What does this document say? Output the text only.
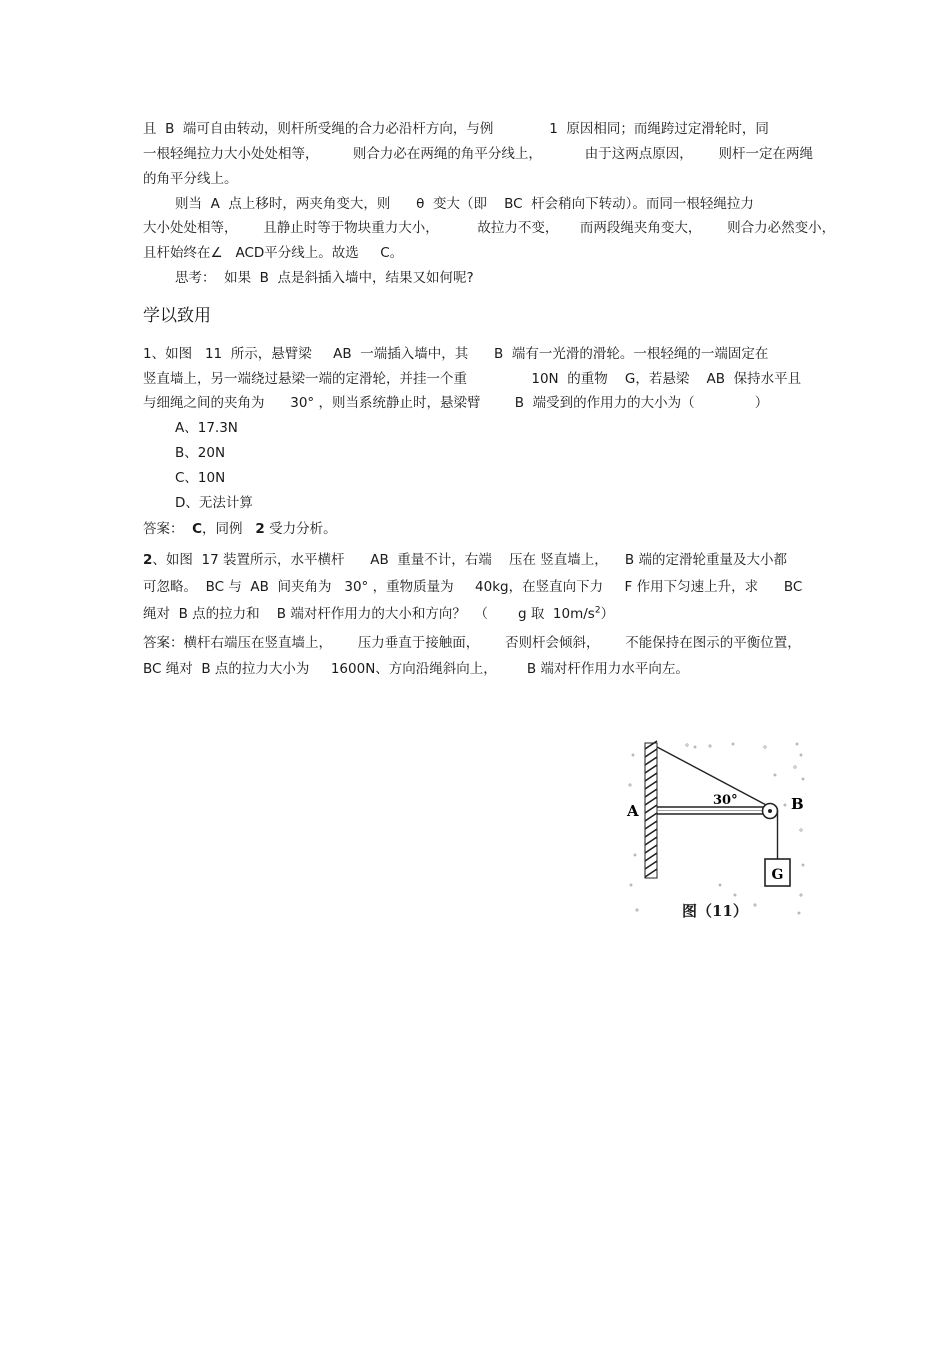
且  B  端可自由转动，则杆所受绳的合力必沿杆方向，与例             1  原因相同；而绳跨过定滑轮时，同
一根轻绳拉力大小处处相等，        则合力必在两绳的角平分线上，          由于这两点原因，      则杆一定在两绳
的角平分线上。
则当  A  点上移时，两夹角变大，则      θ  变大（即    BC  杆会稍向下转动）。而同一根轻绳拉力
大小处处相等，      且静止时等于物块重力大小，         故拉力不变，     而两段绳夹角变大，      则合力必然变小，
且杆始终在∠   ACD平分线上。故选     C。
思考：  如果  B  点是斜插入墙中，结果又如何呢?
学以致用
1、如图   11  所示，悬臂梁     AB  一端插入墙中，其      B  端有一光滑的滑轮。一根轻绳的一端固定在
竖直墙上，另一端绕过悬梁一端的定滑轮，并挂一个重               10N  的重物    G，若悬梁    AB  保持水平且
与细绳之间的夹角为      30° ，则当系统静止时，悬梁臂        B  端受到的作用力的大小为（              ）
A、17.3N
B、20N
C、10N
D、无法计算
答案：  C，同例   2 受力分析。
2、如图  17 装置所示，水平横杆      AB  重量不计，右端    压在 竖直墙上，    B 端的定滑轮重量及大小都
可忽略。  BC 与  AB  间夹角为   30° ，重物质量为     40kg，在竖直向下力     F 作用下匀速上升，求      BC
绳对  B 点的拉力和    B 端对杆作用力的大小和方向？  （       g 取  $10m/s^2$）
答案：横杆右端压在竖直墙上，      压力垂直于接触面，      否则杆会倾斜，      不能保持在图示的平衡位置，
BC 绳对  B 点的拉力大小为     1600N、方向沿绳斜向上，       B 端对杆作用力水平向左。
G
A	B
30°
图（11）
